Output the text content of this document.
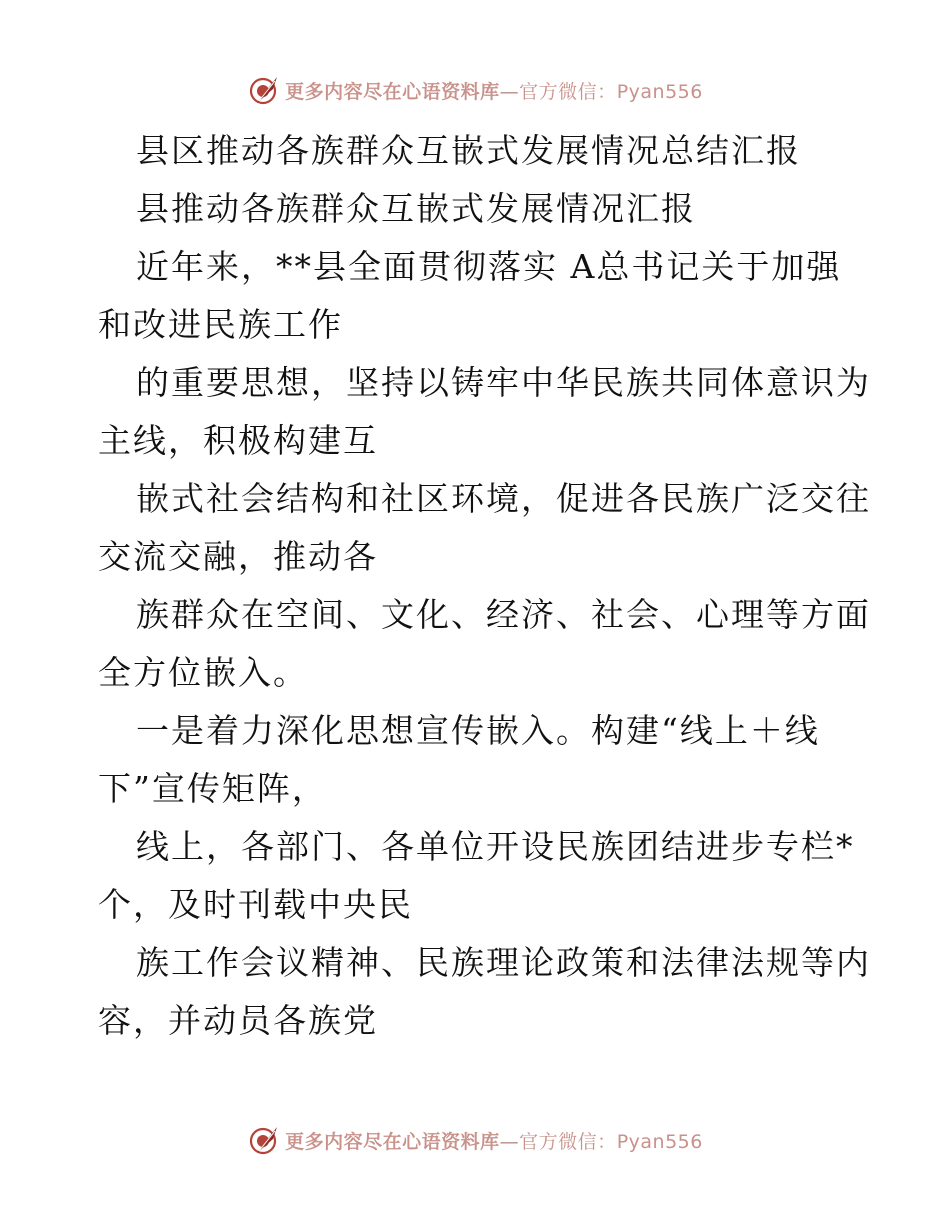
更多内容尽在心语资料库—官方微信：Pyan556
县区推动各族群众互嵌式发展情况总结汇报
县推动各族群众互嵌式发展情况汇报
近年来，**县全面贯彻落实 A总书记关于加强
和改进民族工作
的重要思想，坚持以铸牢中华民族共同体意识为
主线，积极构建互
嵌式社会结构和社区环境，促进各民族广泛交往
交流交融，推动各
族群众在空间、文化、经济、社会、心理等方面
全方位嵌入。
一是着力深化思想宣传嵌入。构建“线上＋线
下”宣传矩阵，
线上，各部门、各单位开设民族团结进步专栏*
个，及时刊载中央民
族工作会议精神、民族理论政策和法律法规等内
容，并动员各族党
更多内容尽在心语资料库—官方微信：Pyan556
